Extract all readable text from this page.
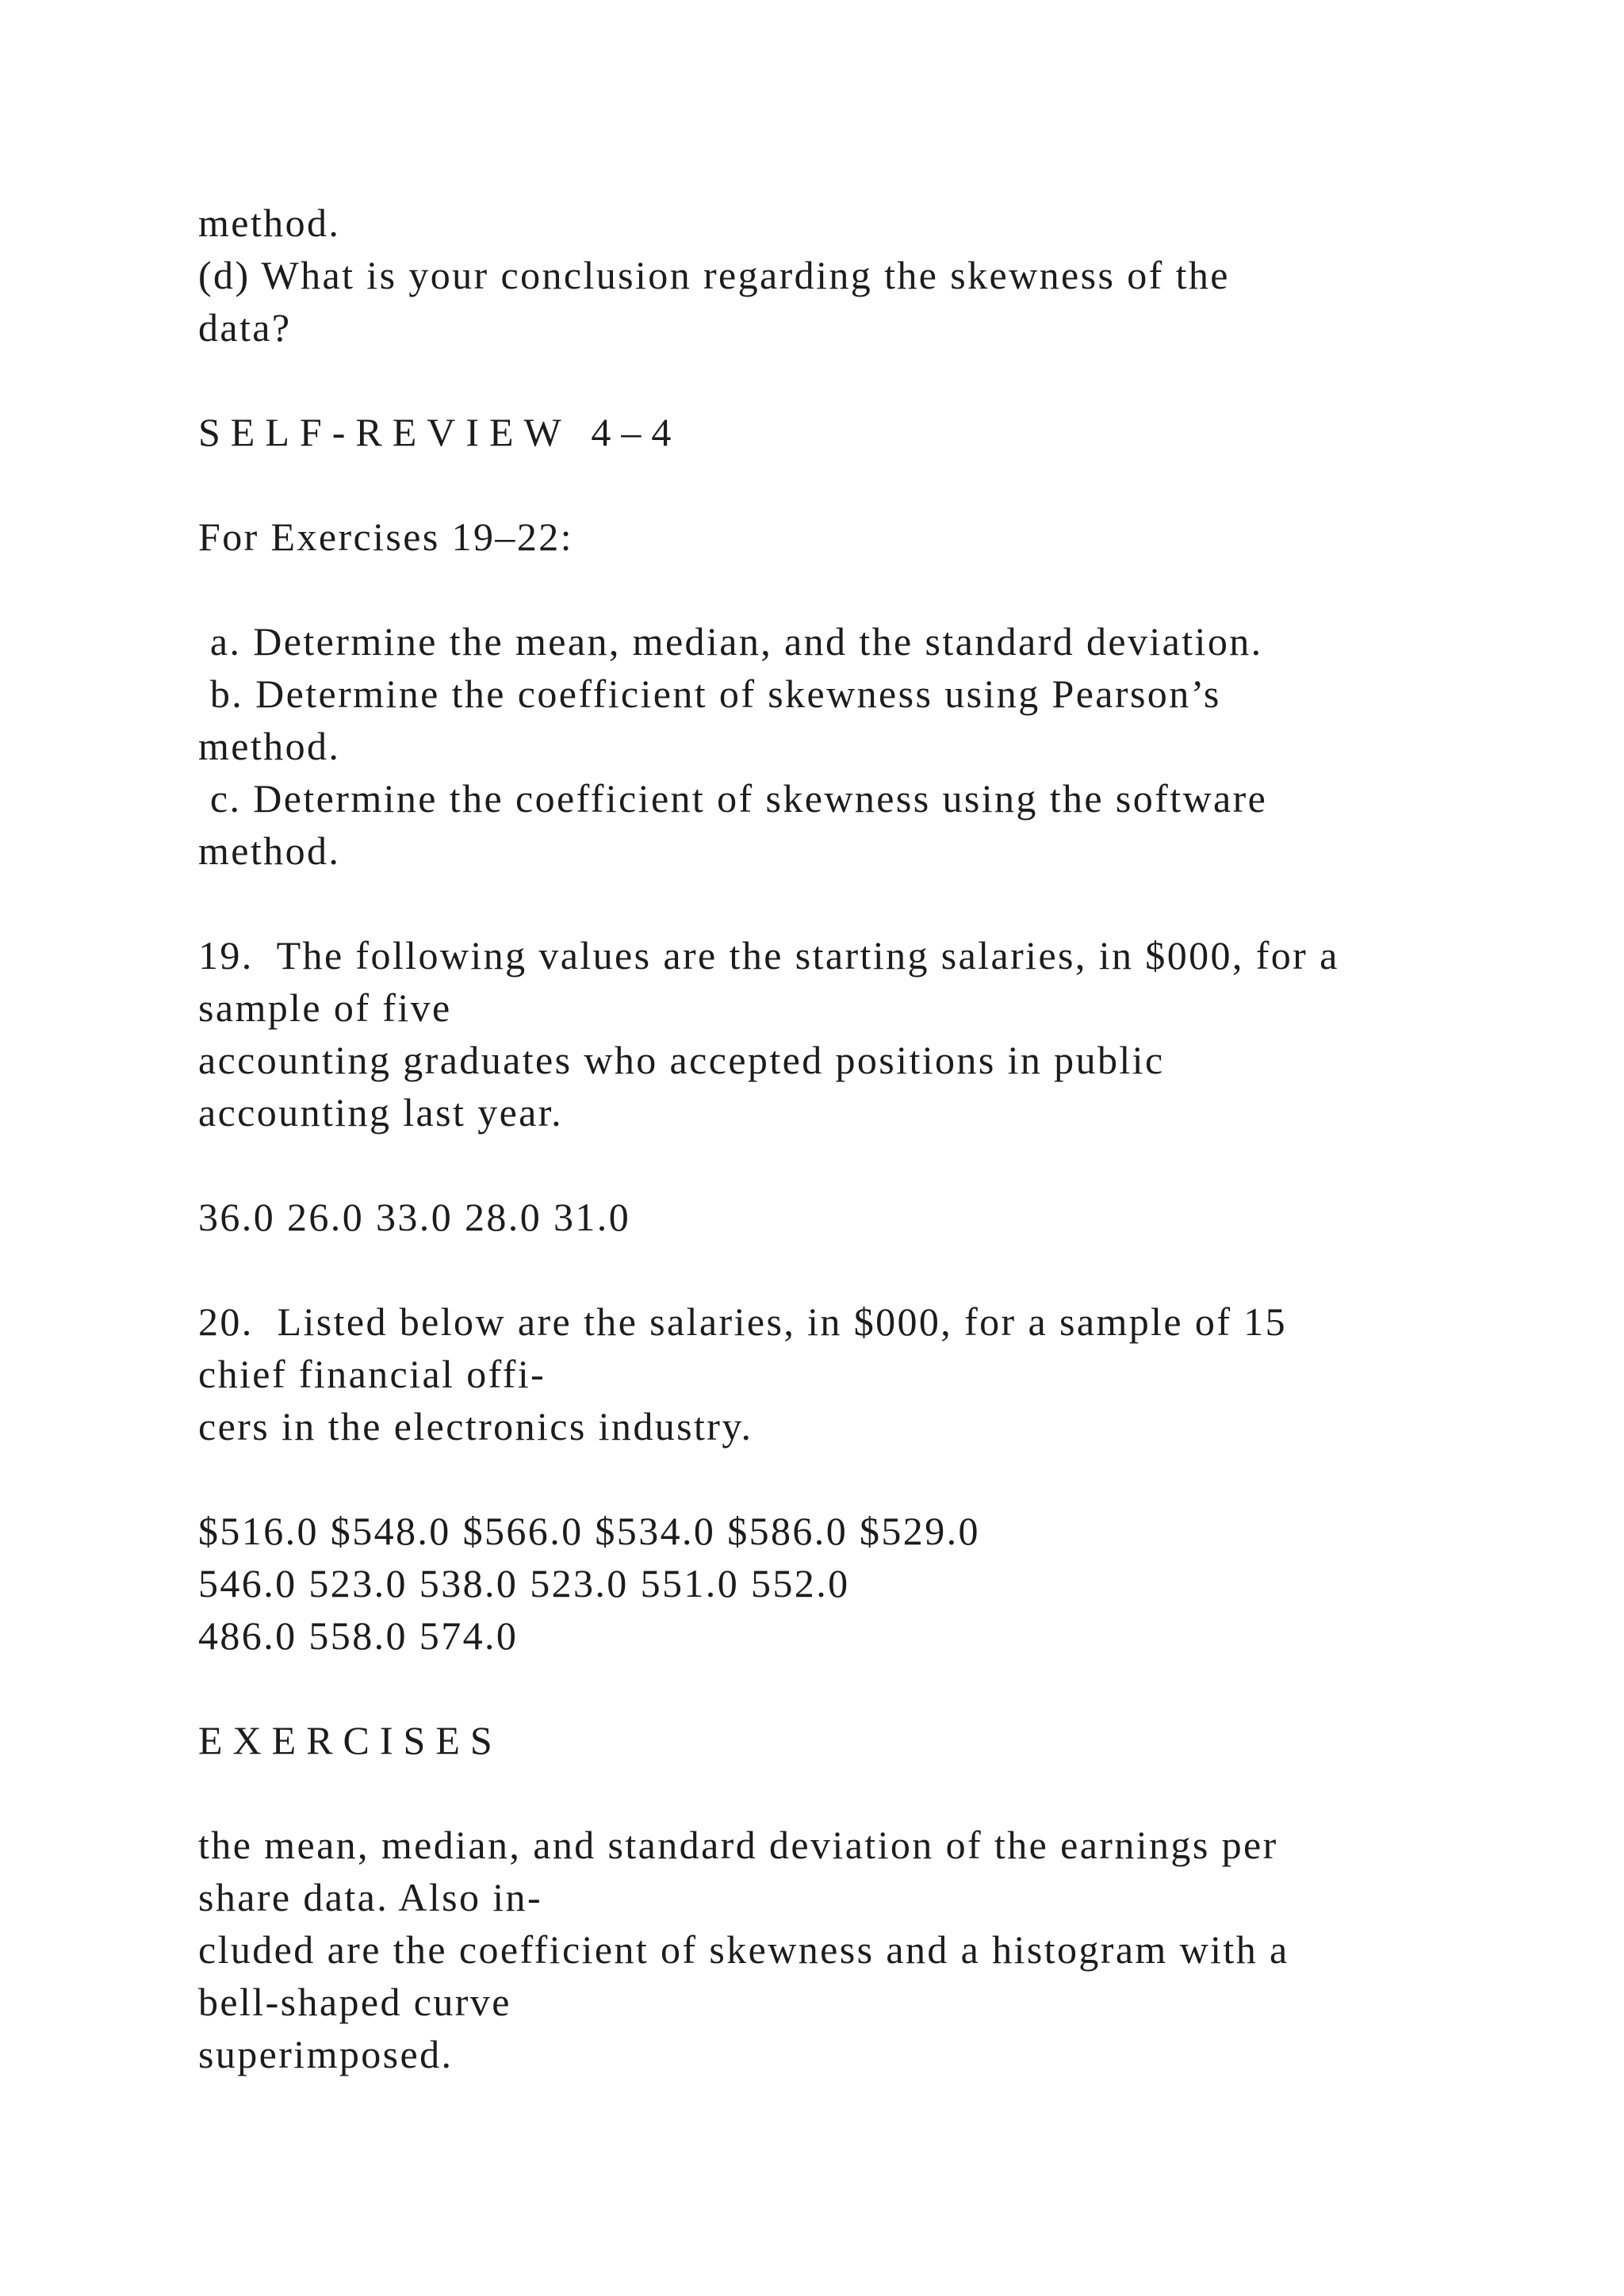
method.
(d) What is your conclusion regarding the skewness of the
data?
SELF-REVIEW 4–4
For Exercises 19–22:
a. Determine the mean, median, and the standard deviation.
b. Determine the coefficient of skewness using Pearson’s
method.
c. Determine the coefficient of skewness using the software
method.
19.  The following values are the starting salaries, in $000, for a
sample of five
accounting graduates who accepted positions in public
accounting last year.
36.0 26.0 33.0 28.0 31.0
20.  Listed below are the salaries, in $000, for a sample of 15
chief financial offi-
cers in the electronics industry.
$516.0 $548.0 $566.0 $534.0 $586.0 $529.0
546.0 523.0 538.0 523.0 551.0 552.0
486.0 558.0 574.0
EXERCISES
the mean, median, and standard deviation of the earnings per
share data. Also in-
cluded are the coefficient of skewness and a histogram with a
bell-shaped curve
superimposed.
